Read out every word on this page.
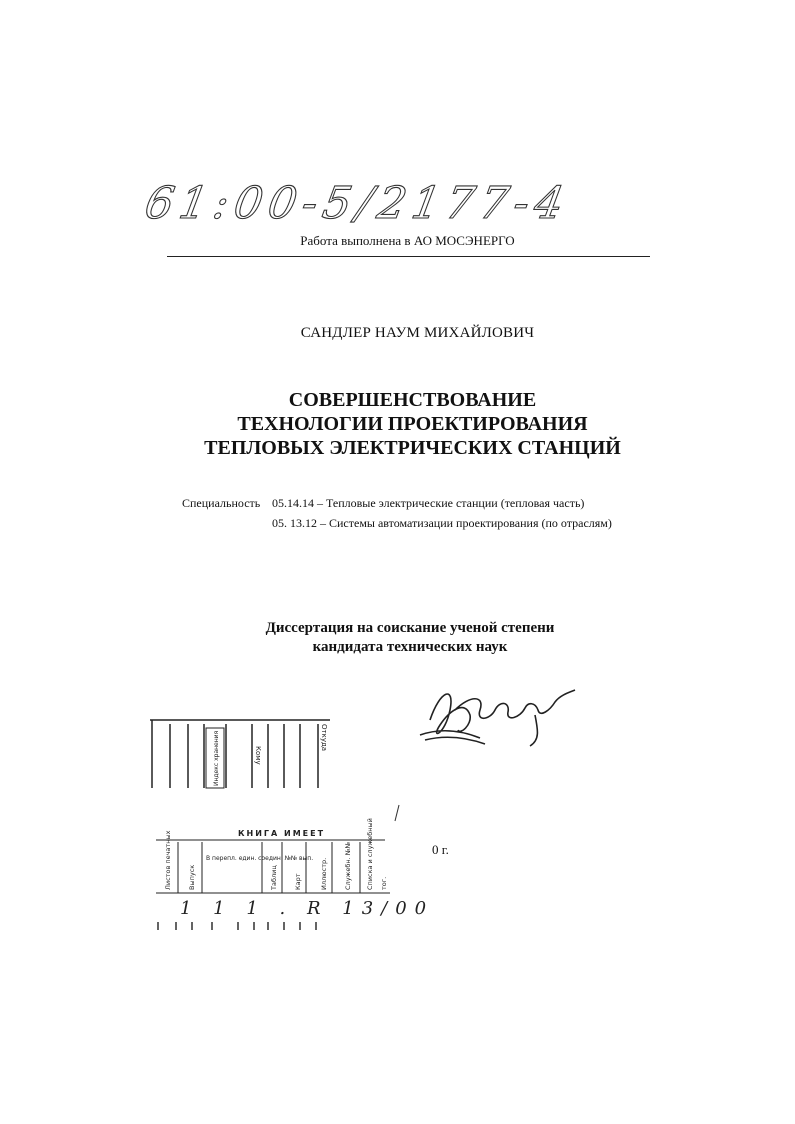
61:00-5/2177-4
Работа выполнена в АО МОСЭНЕРГО
САНДЛЕР НАУМ МИХАЙЛОВИЧ
СОВЕРШЕНСТВОВАНИЕ
ТЕХНОЛОГИИ ПРОЕКТИРОВАНИЯ
ТЕПЛОВЫХ ЭЛЕКТРИЧЕСКИХ СТАНЦИЙ
Специальность 05.14.14 – Тепловые электрические станции (тепловая часть)
05. 13.12 – Системы автоматизации проектирования (по отраслям)
Диссертация на соискание ученой степени
кандидата технических наук
Индекс хранения	Кому
Откуда
КНИГА ИМЕЕТ
Листов печатных Выпуск
В перепл. един. соедин. №№ вып.
Таблиц Карт	Иллюстр. Служебн. №№ Списка и служебный тог.
1 1 1 . R 13/00
0 г.
